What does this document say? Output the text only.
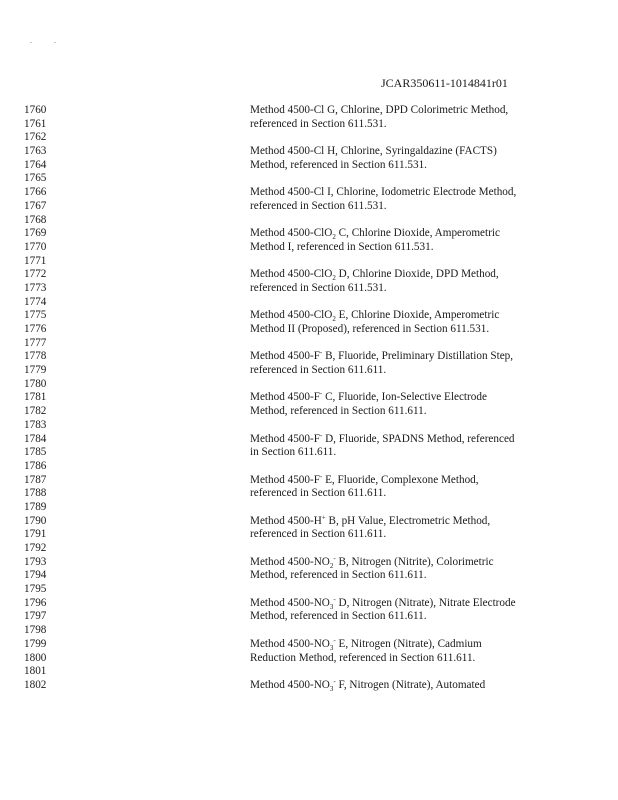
. .
JCAR350611-1014841r01
1760	Method 4500-Cl G, Chlorine, DPD Colorimetric Method,
1761	referenced in Section 611.531.
1762
1763	Method 4500-Cl H, Chlorine, Syringaldazine (FACTS)
1764	Method, referenced in Section 611.531.
1765
1766	Method 4500-Cl I, Chlorine, Iodometric Electrode Method,
1767	referenced in Section 611.531.
1768
1769	Method 4500-ClO$_2$ C, Chlorine Dioxide, Amperometric
1770	Method I, referenced in Section 611.531.
1771
1772	Method 4500-ClO$_2$ D, Chlorine Dioxide, DPD Method,
1773	referenced in Section 611.531.
1774
1775	Method 4500-ClO$_2$ E, Chlorine Dioxide, Amperometric
1776	Method II (Proposed), referenced in Section 611.531.
1777
1778	Method 4500-F- B, Fluoride, Preliminary Distillation Step,
1779	referenced in Section 611.611.
1780
1781	Method 4500-F- C, Fluoride, Ion-Selective Electrode
1782	Method, referenced in Section 611.611.
1783
1784	Method 4500-F- D, Fluoride, SPADNS Method, referenced
1785	in Section 611.611.
1786
1787	Method 4500-F- E, Fluoride, Complexone Method,
1788	referenced in Section 611.611.
1789
1790	Method 4500-H+ B, pH Value, Electrometric Method,
1791	referenced in Section 611.611.
1792
1793	Method $4500-NO_2^-$ B, Nitrogen (Nitrite), Colorimetric
1794	Method, referenced in Section 611.611.
1795
1796	Method $4500-NO_3^-$ D, Nitrogen (Nitrate), Nitrate Electrode
1797	Method, referenced in Section 611.611.
1798
1799	Method $4500-NO_3^-$ E, Nitrogen (Nitrate), Cadmium
1800	Reduction Method, referenced in Section 611.611.
1801
1802	Method $4500-NO_3^-$ F, Nitrogen (Nitrate), Automated
